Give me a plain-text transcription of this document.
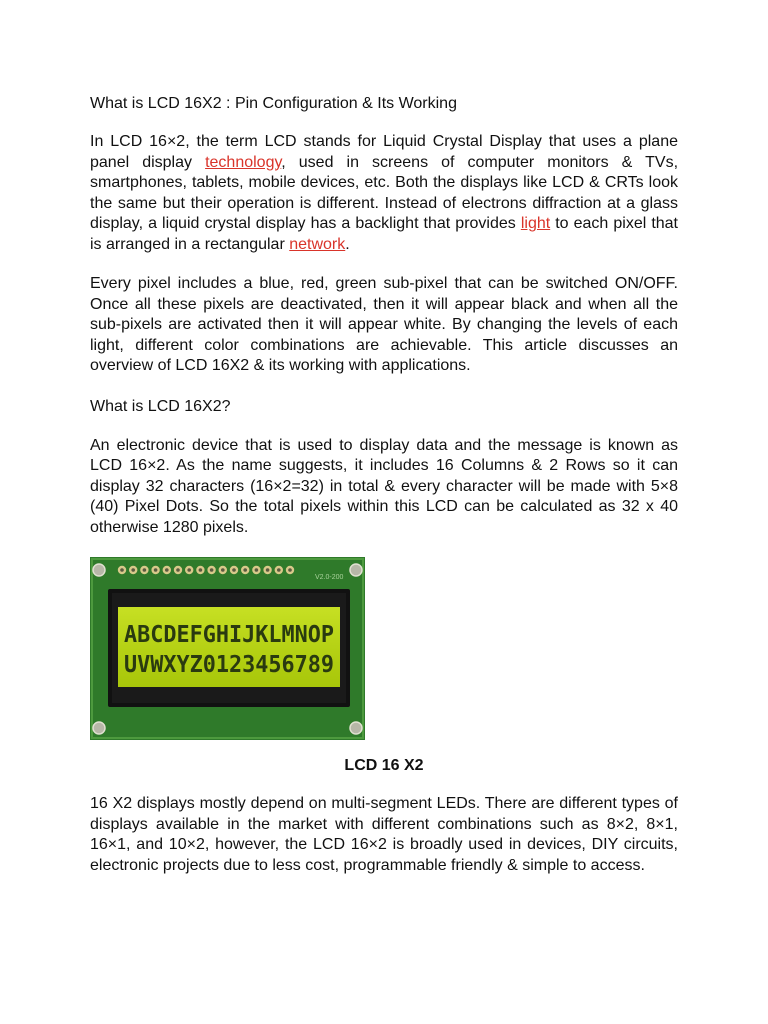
What is LCD 16X2 : Pin Configuration & Its Working

In LCD 16×2, the term LCD stands for Liquid Crystal Display that uses a plane panel display technology, used in screens of computer monitors & TVs, smartphones, tablets, mobile devices, etc. Both the displays like LCD & CRTs look the same but their operation is different. Instead of electrons diffraction at a glass display, a liquid crystal display has a backlight that provides light to each pixel that is arranged in a rectangular network.

Every pixel includes a blue, red, green sub-pixel that can be switched ON/OFF. Once all these pixels are deactivated, then it will appear black and when all the sub-pixels are activated then it will appear white. By changing the levels of each light, different color combinations are achievable. This article discusses an overview of LCD 16X2 & its working with applications.

What is LCD 16X2?

An electronic device that is used to display data and the message is known as LCD 16×2. As the name suggests, it includes 16 Columns & 2 Rows so it can display 32 characters (16×2=32) in total & every character will be made with 5×8 (40) Pixel Dots. So the total pixels within this LCD can be calculated as 32 x 40 otherwise 1280 pixels.

V2.0-200
ABCDEFGHIJKLMNOP
UVWXYZ0123456789
LCD 16 X2

16 X2 displays mostly depend on multi-segment LEDs. There are different types of displays available in the market with different combinations such as 8×2, 8×1, 16×1, and 10×2, however, the LCD 16×2 is broadly used in devices, DIY circuits, electronic projects due to less cost, programmable friendly & simple to access.
